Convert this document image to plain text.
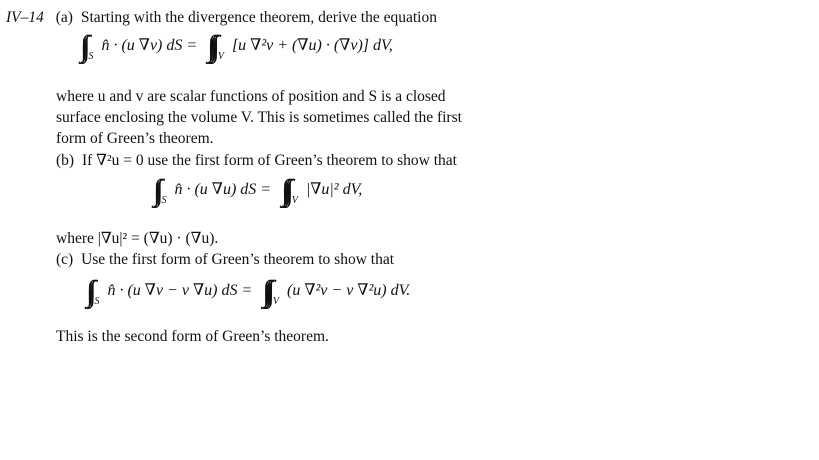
IV–14 (a) Starting with the divergence theorem, derive the equation
∫∫ $_S$ n̂ · (u ∇v) dS = ∫∫∫ $_V$ [u ∇²v + (∇u) · (∇v)] dV,
where u and v are scalar functions of position and S is a closed
surface enclosing the volume V. This is sometimes called the first
form of Green’s theorem.
(b) If ∇²u = 0 use the first form of Green’s theorem to show that
∫∫ $_S$ n̂ · (u ∇u) dS = ∫∫∫ $_V$ |∇u|² dV,
where |∇u|² = (∇u) · (∇u).
(c) Use the first form of Green’s theorem to show that
∫∫ $_S$ n̂ · (u ∇v − v ∇u) dS = ∫∫∫ $_V$ (u ∇²v − v ∇²u) dV.
This is the second form of Green’s theorem.
